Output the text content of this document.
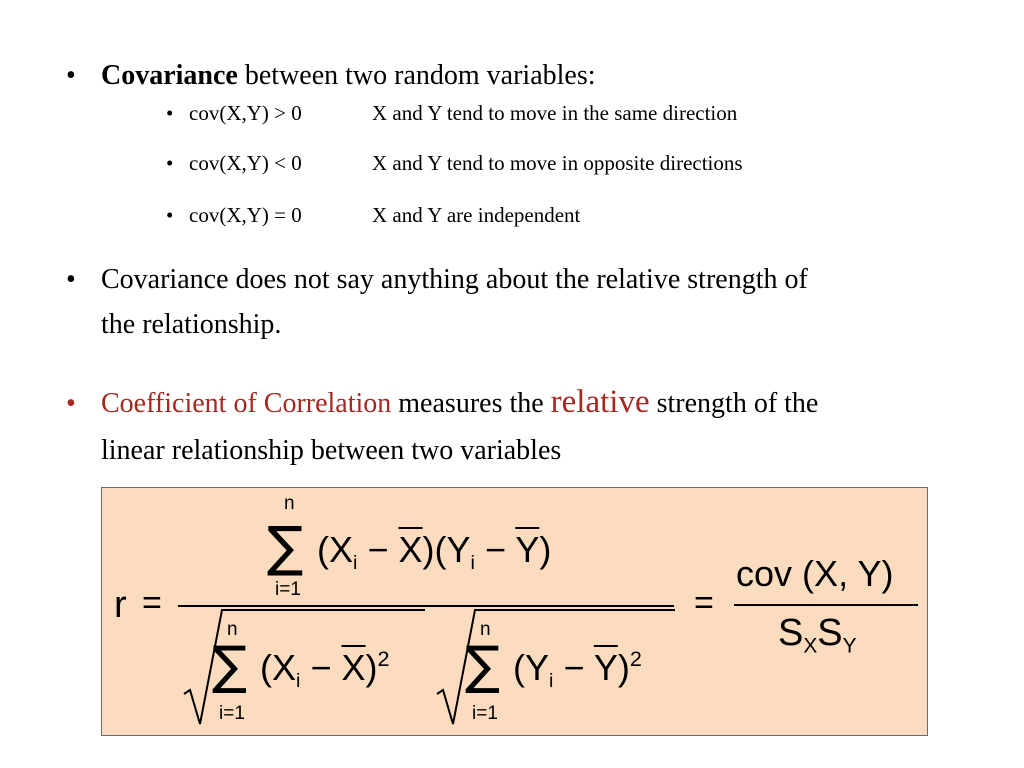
• Covariance between two random variables:
• cov(X,Y) > 0	X and Y tend to move in the same direction
• cov(X,Y) < 0	X and Y tend to move in opposite directions
• cov(X,Y) = 0	X and Y are independent
• Covariance does not say anything about the relative strength of
the relationship.
• Coefficient of Correlation measures the relative strength of the
linear relationship between two variables
r =
n
∑
i=1
$(X_i - \overline{X})(Y_i - \overline{Y})$
n
∑
i=1
$(X_i - \overline{X})^2$
n
∑
i=1
$(Y_i - \overline{Y})^2$
=
cov (X, Y)
$S_XS_Y$
